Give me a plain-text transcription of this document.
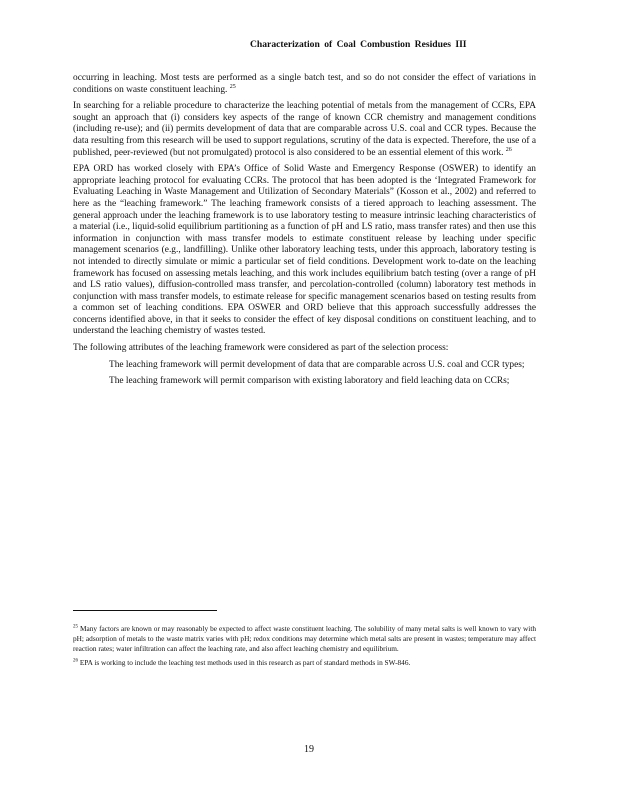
Characterization of Coal Combustion Residues III

occurring in leaching. Most tests are performed as a single batch test, and so do not consider the effect of variations in conditions on waste constituent leaching. $^{25}$

In searching for a reliable procedure to characterize the leaching potential of metals from the management of CCRs, EPA sought an approach that (i) considers key aspects of the range of known CCR chemistry and management conditions (including re-use); and (ii) permits development of data that are comparable across U.S. coal and CCR types. Because the data resulting from this research will be used to support regulations, scrutiny of the data is expected. Therefore, the use of a published, peer-reviewed (but not promulgated) protocol is also considered to be an essential element of this work. $^{26}$

EPA ORD has worked closely with EPA’s Office of Solid Waste and Emergency Response (OSWER) to identify an appropriate leaching protocol for evaluating CCRs. The protocol that has been adopted is the ‘Integrated Framework for Evaluating Leaching in Waste Management and Utilization of Secondary Materials” (Kosson et al., 2002) and referred to here as the “leaching framework.” The leaching framework consists of a tiered approach to leaching assessment. The general approach under the leaching framework is to use laboratory testing to measure intrinsic leaching characteristics of a material (i.e., liquid-solid equilibrium partitioning as a function of pH and LS ratio, mass transfer rates) and then use this information in conjunction with mass transfer models to estimate constituent release by leaching under specific management scenarios (e.g., landfilling). Unlike other laboratory leaching tests, under this approach, laboratory testing is not intended to directly simulate or mimic a particular set of field conditions. Development work to-date on the leaching framework has focused on assessing metals leaching, and this work includes equilibrium batch testing (over a range of pH and LS ratio values), diffusion-controlled mass transfer, and percolation-controlled (column) laboratory test methods in conjunction with mass transfer models, to estimate release for specific management scenarios based on testing results from a common set of leaching conditions. EPA OSWER and ORD believe that this approach successfully addresses the concerns identified above, in that it seeks to consider the effect of key disposal conditions on constituent leaching, and to understand the leaching chemistry of wastes tested.

The following attributes of the leaching framework were considered as part of the selection process:

The leaching framework will permit development of data that are comparable across U.S. coal and CCR types;

The leaching framework will permit comparison with existing laboratory and field leaching data on CCRs;

$^{25}$ Many factors are known or may reasonably be expected to affect waste constituent leaching. The solubility of many metal salts is well known to vary with pH; adsorption of metals to the waste matrix varies with pH; redox conditions may determine which metal salts are present in wastes; temperature may affect reaction rates; water infiltration can affect the leaching rate, and also affect leaching chemistry and equilibrium.

$^{26}$ EPA is working to include the leaching test methods used in this research as part of standard methods in SW-846.

19
